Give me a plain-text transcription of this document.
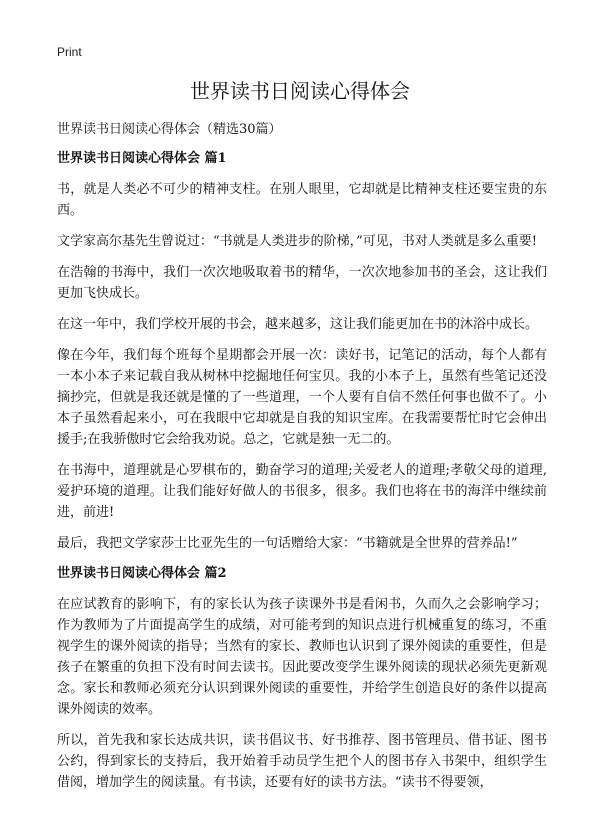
Print
世界读书日阅读心得体会
世界读书日阅读心得体会（精选30篇）
世界读书日阅读心得体会 篇1

书，就是人类必不可少的精神支柱。在别人眼里，它却就是比精神支柱还要宝贵的东西。

文学家高尔基先生曾说过：“书就是人类进步的阶梯，”可见，书对人类就是多么重要!

在浩翰的书海中，我们一次次地吸取着书的精华，一次次地参加书的圣会，这让我们更加飞快成长。

在这一年中，我们学校开展的书会，越来越多，这让我们能更加在书的沐浴中成长。

像在今年，我们每个班每个星期都会开展一次：读好书，记笔记的活动，每个人都有一本小本子来记载自我从树林中挖掘地任何宝贝。我的小本子上，虽然有些笔记还没摘抄完，但就是我还就是懂的了一些道理，一个人要有自信不然任何事也做不了。小本子虽然看起来小，可在我眼中它却就是自我的知识宝库。在我需要帮忙时它会伸出援手;在我骄傲时它会给我劝说。总之，它就是独一无二的。

在书海中，道理就是心罗棋布的，勤奋学习的道理;关爱老人的道理;孝敬父母的道理,爱护环境的道理。让我们能好好做人的书很多，很多。我们也将在书的海洋中继续前进，前进!

最后，我把文学家莎士比亚先生的一句话赠给大家：“书籍就是全世界的营养品!”

世界读书日阅读心得体会 篇2

在应试教育的影响下，有的家长认为孩子读课外书是看闲书，久而久之会影响学习；作为教师为了片面提高学生的成绩，对可能考到的知识点进行机械重复的练习，不重视学生的课外阅读的指导；当然有的家长、教师也认识到了课外阅读的重要性，但是孩子在繁重的负担下没有时间去读书。因此要改变学生课外阅读的现状必须先更新观念。家长和教师必须充分认识到课外阅读的重要性，并给学生创造良好的条件以提高课外阅读的效率。

所以，首先我和家长达成共识，读书倡议书、好书推荐、图书管理员、借书证、图书公约，得到家长的支持后，我开始着手动员学生把个人的图书存入书架中，组织学生借阅，增加学生的阅读量。有书读，还要有好的读书方法。“读书不得要领，
